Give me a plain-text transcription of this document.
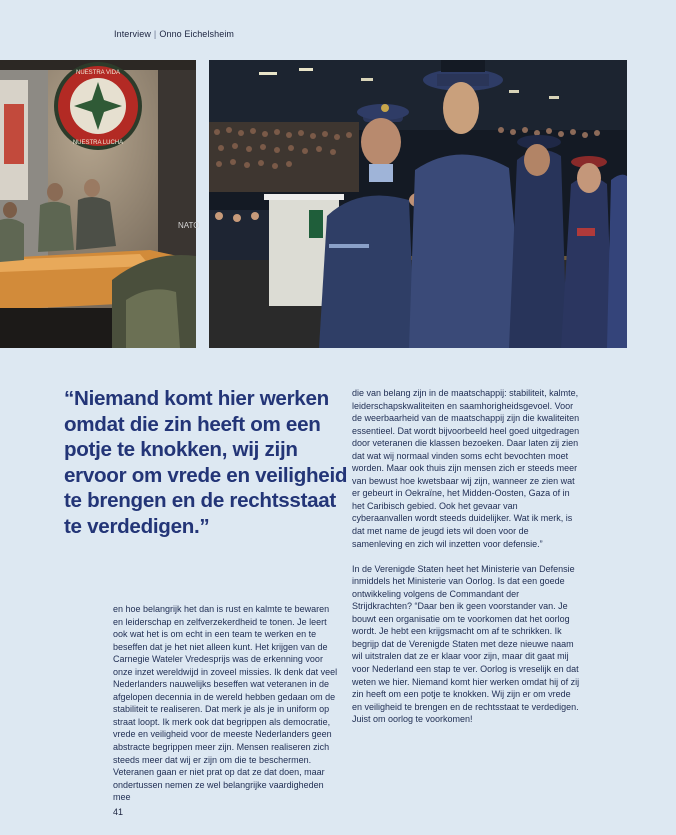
Interview | Onno Eichelsheim
NUESTRA VIDA
NUESTRA LUCHA
NATO
“Niemand komt hier werken omdat die zin heeft om een potje te knokken, wij zijn ervoor om vrede en veiligheid te brengen en de rechtsstaat te verdedigen.”

en hoe belangrijk het dan is rust en kalmte te bewaren en leiderschap en zelfverzekerdheid te tonen. Je leert ook wat het is om echt in een team te werken en te beseffen dat je het niet alleen kunt. Het krijgen van de Carnegie Wateler Vredesprijs was de erkenning voor onze inzet wereldwijd in zoveel missies. Ik denk dat veel Nederlanders nauwelijks beseffen wat veteranen in de afgelopen decennia in de wereld hebben gedaan om de stabiliteit te realiseren. Dat merk je als je in uniform op straat loopt. Ik merk ook dat begrippen als democratie, vrede en veiligheid voor de meeste Nederlanders geen abstracte begrippen meer zijn. Mensen realiseren zich steeds meer dat wij er zijn om die te beschermen. Veteranen gaan er niet prat op dat ze dat doen, maar ondertussen nemen ze wel belangrijke vaardigheden mee

die van belang zijn in de maatschappij: stabiliteit, kalmte, leiderschapskwaliteiten en saamhorigheidsgevoel. Voor de weerbaarheid van de maatschappij zijn die kwaliteiten essentieel. Dat wordt bijvoorbeeld heel goed uitgedragen door veteranen die klassen bezoeken. Daar laten zij zien dat wat wij normaal vinden soms echt bevochten moet worden. Maar ook thuis zijn mensen zich er steeds meer van bewust hoe kwetsbaar wij zijn, wanneer ze zien wat er gebeurt in Oekraïne, het Midden-Oosten, Gaza of in het Caribisch gebied. Ook het gevaar van cyberaanvallen wordt steeds duidelijker. Wat ik merk, is dat met name de jeugd iets wil doen voor de samenleving en zich wil inzetten voor defensie.”

In de Verenigde Staten heet het Ministerie van Defensie inmiddels het Ministerie van Oorlog. Is dat een goede ontwikkeling volgens de Commandant der Strijdkrachten? “Daar ben ik geen voorstander van. Je bouwt een organisatie om te voorkomen dat het oorlog wordt. Je hebt een krijgsmacht om af te schrikken. Ik begrijp dat de Verenigde Staten met deze nieuwe naam wil uitstralen dat ze er klaar voor zijn, maar dit gaat mij voor Nederland een stap te ver. Oorlog is vreselijk en dat weten we hier. Niemand komt hier werken omdat hij of zij zin heeft om een potje te knokken. Wij zijn er om vrede en veiligheid te brengen en de rechtsstaat te verdedigen. Juist om oorlog te voorkomen!

41
